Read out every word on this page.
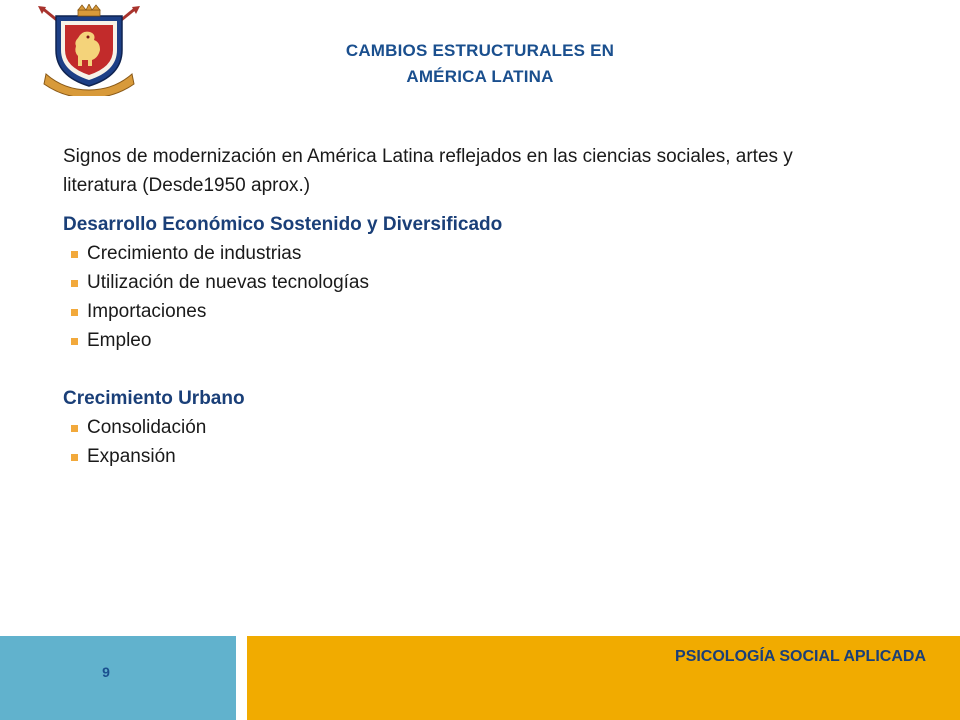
CAMBIOS ESTRUCTURALES EN
AMÉRICA LATINA

Signos de modernización en América Latina reflejados en las ciencias sociales, artes y literatura (Desde1950 aprox.)

Desarrollo Económico Sostenido y Diversificado

Crecimiento de industrias
Utilización de nuevas tecnologías
Importaciones
Empleo

Crecimiento Urbano

Consolidación
Expansión
9
PSICOLOGÍA SOCIAL APLICADA
